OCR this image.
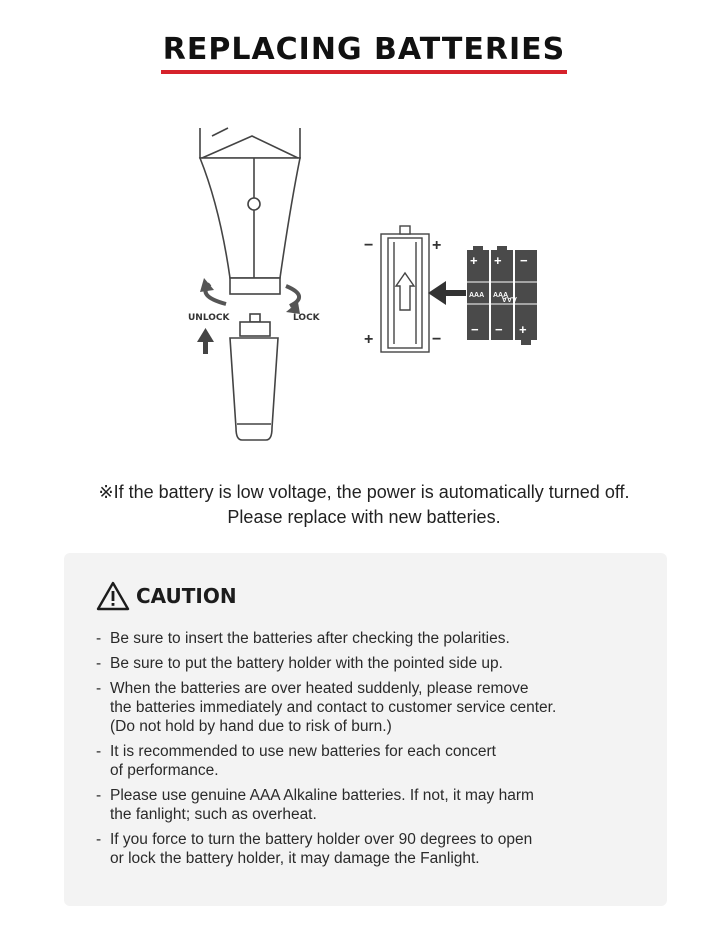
REPLACING BATTERIES
UNLOCK	LOCK
−	+
+	−
+ + −
AAA AAA
AAA
− − +
※If the battery is low voltage, the power is automatically turned off.
Please replace with new batteries.
CAUTION
- Be sure to insert the batteries after checking the polarities.
- Be sure to put the battery holder with the pointed side up.
- When the batteries are over heated suddenly, please remove
the batteries immediately and contact to customer service center.
(Do not hold by hand due to risk of burn.)
- It is recommended to use new batteries for each concert
of performance.
- Please use genuine AAA Alkaline batteries. If not, it may harm
the fanlight; such as overheat.
- If you force to turn the battery holder over 90 degrees to open
or lock the battery holder, it may damage the Fanlight.
